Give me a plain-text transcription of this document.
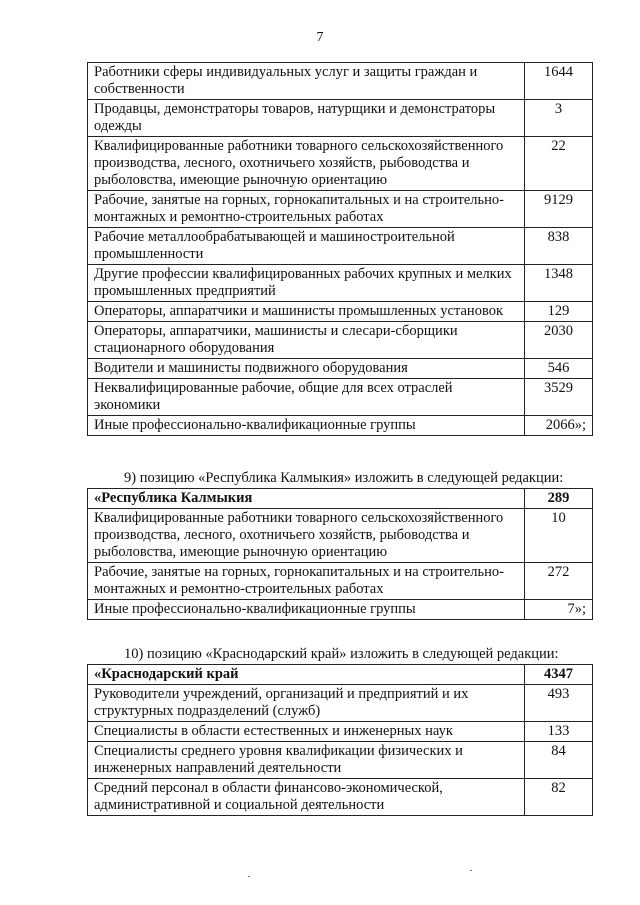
7
Работники сферы индивидуальных услуг и защиты граждан и собственности	1644
Продавцы, демонстраторы товаров, натурщики и демонстраторы одежды	3
Квалифицированные работники товарного сельскохозяйственного производства, лесного, охотничьего хозяйств, рыбоводства и рыболовства, имеющие рыночную ориентацию	22
Рабочие, занятые на горных, горнокапитальных и на строительно-монтажных и ремонтно-строительных работах	9129
Рабочие металлообрабатывающей и машиностроительной промышленности	838
Другие профессии квалифицированных рабочих крупных и мелких промышленных предприятий	1348
Операторы, аппаратчики и машинисты промышленных установок	129
Операторы, аппаратчики, машинисты и слесари-сборщики стационарного оборудования	2030
Водители и машинисты подвижного оборудования	546
Неквалифицированные рабочие, общие для всех отраслей экономики	3529
Иные профессионально-квалификационные группы	2066»;
9) позицию «Республика Калмыкия» изложить в следующей редакции:
«Республика Калмыкия	289
Квалифицированные работники товарного сельскохозяйственного производства, лесного, охотничьего хозяйств, рыбоводства и рыболовства, имеющие рыночную ориентацию	10
Рабочие, занятые на горных, горнокапитальных и на строительно-монтажных и ремонтно-строительных работах	272
Иные профессионально-квалификационные группы	7»;
10) позицию «Краснодарский край» изложить в следующей редакции:
«Краснодарский край	4347
Руководители учреждений, организаций и предприятий и их структурных подразделений (служб)	493
Специалисты в области естественных и инженерных наук	133
Специалисты среднего уровня квалификации физических и инженерных направлений деятельности	84
Средний персонал в области финансово-экономической, административной и социальной деятельности	82
